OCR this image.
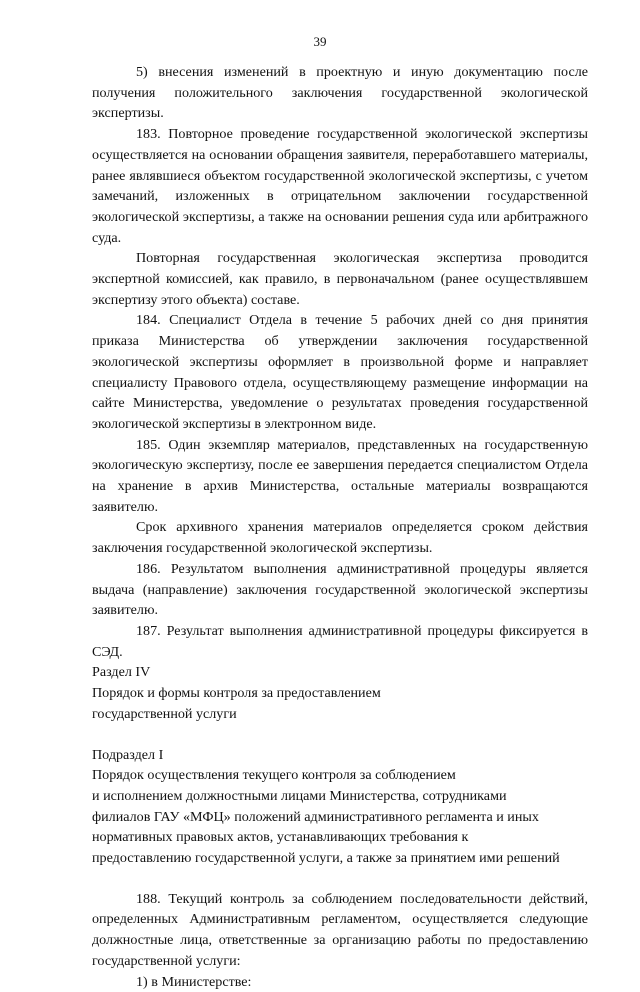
39

5) внесения изменений в проектную и иную документацию после получения положительного заключения государственной экологической экспертизы.

183. Повторное проведение государственной экологической экспертизы осуществляется на основании обращения заявителя, переработавшего материалы, ранее являвшиеся объектом государственной экологической экспертизы, с учетом замечаний, изложенных в отрицательном заключении государственной экологической экспертизы, а также на основании решения суда или арбитражного суда.

Повторная государственная экологическая экспертиза проводится экспертной комиссией, как правило, в первоначальном (ранее осуществлявшем экспертизу этого объекта) составе.

184. Специалист Отдела в течение 5 рабочих дней со дня принятия приказа Министерства об утверждении заключения государственной экологической экспертизы оформляет в произвольной форме и направляет специалисту Правового отдела, осуществляющему размещение информации на сайте Министерства, уведомление о результатах проведения государственной экологической экспертизы в электронном виде.

185. Один экземпляр материалов, представленных на государственную экологическую экспертизу, после ее завершения передается специалистом Отдела на хранение в архив Министерства, остальные материалы возвращаются заявителю.

Срок архивного хранения материалов определяется сроком действия заключения государственной экологической экспертизы.

186. Результатом выполнения административной процедуры является выдача (направление) заключения государственной экологической экспертизы заявителю.

187. Результат выполнения административной процедуры фиксируется в СЭД.

Раздел IV

Порядок и формы контроля за предоставлением
государственной услуги

Подраздел I

Порядок осуществления текущего контроля за соблюдением
и исполнением должностными лицами Министерства, сотрудниками
филиалов ГАУ «МФЦ» положений административного регламента и иных
нормативных правовых актов, устанавливающих требования к
предоставлению государственной услуги, а также за принятием ими решений

188. Текущий контроль за соблюдением последовательности действий, определенных Административным регламентом, осуществляется следующие должностные лица, ответственные за организацию работы по предоставлению государственной услуги:

1) в Министерстве:
